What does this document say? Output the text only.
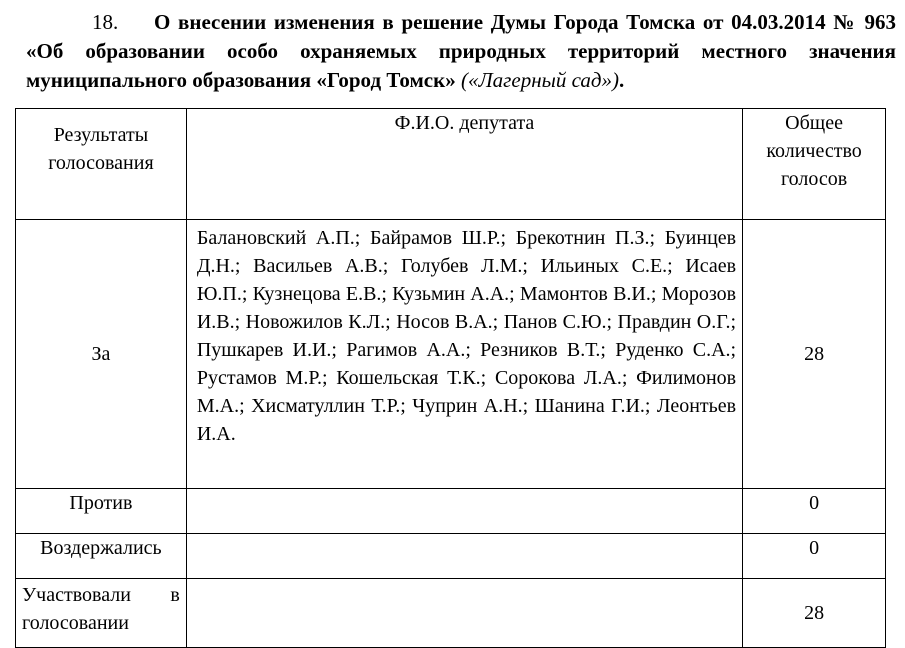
18. О внесении изменения в решение Думы Города Томска от 04.03.2014 № 963 «Об образовании особо охраняемых природных территорий местного значения муниципального образования «Город Томск» («Лагерный сад»).
Результаты голосования	Ф.И.О. депутата	Общее количество голосов
За	Балановский А.П.; Байрамов Ш.Р.; Брекотнин П.З.; Буинцев Д.Н.; Васильев А.В.; Голубев Л.М.; Ильиных С.Е.; Исаев Ю.П.; Кузнецова Е.В.; Кузьмин А.А.; Мамонтов В.И.; Морозов И.В.; Новожилов К.Л.; Носов В.А.; Панов С.Ю.; Правдин О.Г.; Пушкарев И.И.; Рагимов А.А.; Резников В.Т.; Руденко С.А.; Рустамов М.Р.; Кошельская Т.К.; Сорокова Л.А.; Филимонов М.А.; Хисматуллин Т.Р.; Чуприн А.Н.; Шанина Г.И.; Леонтьев И.А.	28
Против		0
Воздержались		0
Участвовали в голосовании		28
